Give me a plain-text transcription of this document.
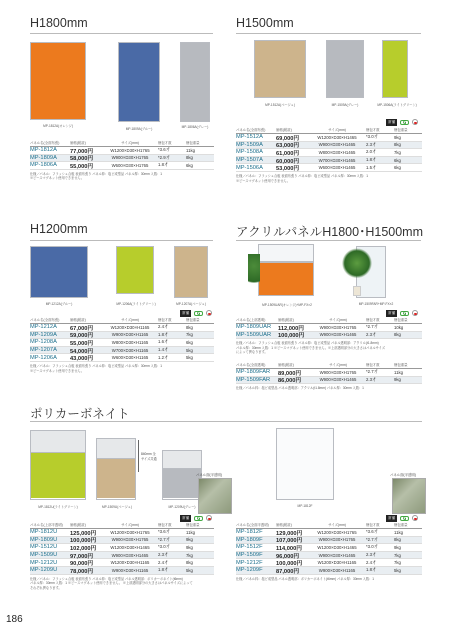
H1800mm
MP-1812A(オレンジ)
MP-1809A(ブルー)	MP-1806A(グレー)
パネル名(全面布張)	価格(税抜)	サイズ(mm)	梱包才数	梱包重量
MP-1812A	77,000円	W1200×D30×H1765	*3.6才	11kg
MP-1809A	58,000円	W900×D30×H1765	*2.9才	8kg
MP-1806A	55,000円	W600×D30×H1765	1.8才	6kg
仕様／パネル：フラッシュ合板 表面布張り パネル枠：塩ビ成型品 パネル厚：30mm 入数：1
※ピースマグネット使用できません。
H1500mm
MP-1512A(ベージュ)	MP-1509A(グレー)	MP-1506A(ライトグリーン)
常備	G
パネル名(全面布張)	価格(税抜)	サイズ(mm)	梱包才数	梱包重量
MP-1512A	69,000円	W1200×D30×H1465	*3.0才	9kg
MP-1509A	63,000円	W900×D30×H1465	2.3才	8kg
MP-1508A	61,000円	W800×D30×H1465	2.0才	7kg
MP-1507A	60,000円	W700×D30×H1465	1.8才	6kg
MP-1506A	53,000円	W600×D30×H1465	1.5才	6kg
仕様／パネル：フラッシュ合板 表面布張り パネル枠：塩ビ成型品 パネル厚：30mm 入数：1
※ピースマグネット使用できません。
H1200mm
MP-1212A(ブルー)	MP-1206A(ライトグリーン)	MP-1207A(ベージュ)
常備	G
パネル名(全面布張)	価格(税抜)	サイズ(mm)	梱包才数	梱包重量
MP-1212A	67,000円	W1200×D30×H1165	2.4才	8kg
MP-1209A	59,000円	W900×D30×H1165	1.8才	7kg
MP-1208A	55,000円	W800×D30×H1165	1.6才	6kg
MP-1207A	54,000円	W700×D30×H1165	1.4才	5kg
MP-1206A	43,000円	W600×D30×H1165	1.2才	5kg
仕様／パネル：フラッシュ合板 表面布張り パネル枠：塩ビ成型品 パネル厚：30mm 入数：1
※ピースマグネット使用できません。
アクリルパネルH1800･H1500mm
MP-1509UAR(オレンジ)+MP-FX×2	MP-1509FAR+MP-FX×2
常備	G
パネル名(上部透明)	価格(税抜)	サイズ(mm)	梱包才数	梱包重量
MP-1809UAR	112,000円	W900×D30×H1765	*2.7才	10kg
MP-1509UAR	100,000円	W900×D30×H1465	2.3才	8kg
仕様／パネル：フラッシュ合板 表面布張り パネル枠：塩ビ成型品 パネル透明部：アクリル(t1.8mm)
パネル厚：30mm 入数：1 ※ピースマグネット使用できません。※上部透明部分の大きさはパネルサイズ
によって異なります。
パネル名(全面透明)	価格(税抜)	サイズ(mm)	梱包才数	梱包重量
MP-1809FAR	89,000円	W900×D30×H1765	*2.7才	11kg
MP-1509FAR	86,000円	W900×D30×H1465	2.3才	9kg
仕様／パネル枠：塩ビ成型品 パネル透明部：アクリル(t1.8mm) パネル厚：30mm 入数：1
ポリカーボネイト
840mm 全サイズ共通
MP-1812U(ライトグリーン)	MP-1509U(ベージュ)	MP-1209U(グレー)
パネル面(半透明)
MP-1812F
パネル面(半透明)
常備	G	常備	G
パネル名(上部半透明)	価格(税抜)	サイズ(mm)	梱包才数	梱包重量
MP-1812U	125,000円	W1200×D30×H1765	*3.6才	11kg
MP-1809U	100,000円	W900×D30×H1765	*2.7才	9kg
MP-1512U	102,000円	W1200×D30×H1465	*3.0才	9kg
MP-1509U	97,000円	W900×D30×H1465	2.3才	7kg
MP-1212U	90,000円	W1200×D30×H1165	2.4才	8kg
MP-1209U	78,000円	W900×D30×H1165	1.8才	5kg
仕様／パネル：フラッシュ合板 表面布張り パネル枠：塩ビ成型品 パネル透明部：ポリカーボネイト(t6mm)
パネル厚：30mm 入数：1 ※ピースマグネット使用できません。 ※上部透明部分の大きさはパネルサイズによって
それぞれ異なります。
パネル名(全面半透明)	価格(税抜)	サイズ(mm)	梱包才数	梱包重量
MP-1812F	129,000円	W1200×D30×H1765	*3.6才	11kg
MP-1809F	107,000円	W900×D30×H1765	*2.7才	8kg
MP-1512F	114,000円	W1200×D30×H1465	*3.0才	9kg
MP-1509F	96,000円	W900×D30×H1465	2.3才	7kg
MP-1212F	100,000円	W1200×D30×H1165	2.4才	7kg
MP-1209F	87,000円	W900×D30×H1165	1.8才	5kg
仕様／パネル枠：塩ビ成型品 パネル透明部：ポリカーボネイト(t6mm) パネル厚：30mm 入数：1
186
